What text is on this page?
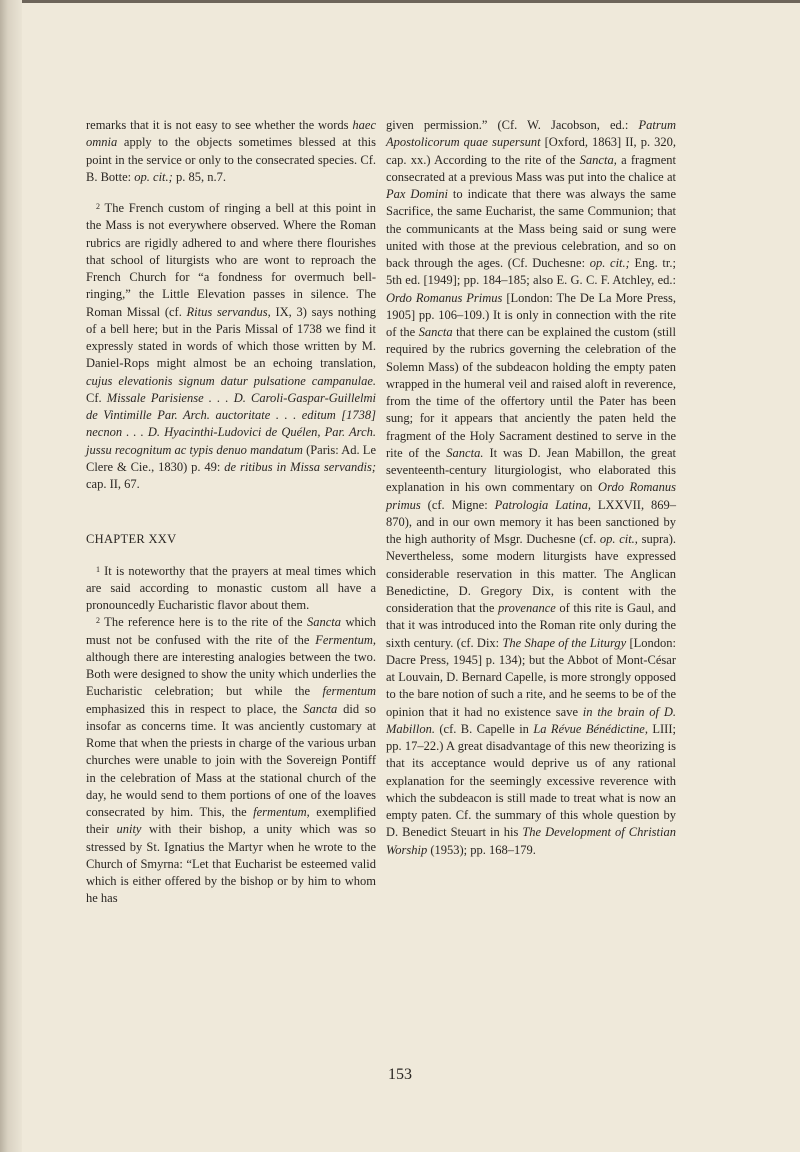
remarks that it is not easy to see whether the words haec omnia apply to the objects sometimes blessed at this point in the service or only to the consecrated species. Cf. B. Botte: op. cit.; p. 85, n.7.

$^2$ The French custom of ringing a bell at this point in the Mass is not everywhere observed. Where the Roman rubrics are rigidly adhered to and where there flourishes that school of liturgists who are wont to reproach the French Church for “a fondness for overmuch bell-ringing,” the Little Elevation passes in silence. The Roman Missal (cf. Ritus servandus, IX, 3) says nothing of a bell here; but in the Paris Missal of 1738 we find it expressly stated in words of which those written by M. Daniel-Rops might almost be an echoing translation, cujus elevationis signum datur pulsatione campanulae. Cf. Missale Parisiense . . . D. Caroli-Gaspar-Guillelmi de Vintimille Par. Arch. auctoritate . . . editum [1738] necnon . . . D. Hyacinthi-Ludovici de Quélen, Par. Arch. jussu recognitum ac typis denuo mandatum (Paris: Ad. Le Clere & Cie., 1830) p. 49: de ritibus in Missa servandis; cap. II, 67.

CHAPTER XXV

$^1$ It is noteworthy that the prayers at meal times which are said according to monastic custom all have a pronouncedly Eucharistic flavor about them.

$^2$ The reference here is to the rite of the Sancta which must not be confused with the rite of the Fermentum, although there are interesting analogies between the two. Both were designed to show the unity which underlies the Eucharistic celebration; but while the fermentum emphasized this in respect to place, the Sancta did so insofar as concerns time. It was anciently customary at Rome that when the priests in charge of the various urban churches were unable to join with the Sovereign Pontiff in the celebration of Mass at the stational church of the day, he would send to them portions of one of the loaves consecrated by him. This, the fermentum, exemplified their unity with their bishop, a unity which was so stressed by St. Ignatius the Martyr when he wrote to the Church of Smyrna: “Let that Eucharist be esteemed valid which is either offered by the bishop or by him to whom he has

given permission.” (Cf. W. Jacobson, ed.: Patrum Apostolicorum quae supersunt [Oxford, 1863] II, p. 320, cap. xx.) According to the rite of the Sancta, a fragment consecrated at a previous Mass was put into the chalice at Pax Domini to indicate that there was always the same Sacrifice, the same Eucharist, the same Communion; that the communicants at the Mass being said or sung were united with those at the previous celebration, and so on back through the ages. (Cf. Duchesne: op. cit.; Eng. tr.; 5th ed. [1949]; pp. 184–185; also E. G. C. F. Atchley, ed.: Ordo Romanus Primus [London: The De La More Press, 1905] pp. 106–109.) It is only in connection with the rite of the Sancta that there can be explained the custom (still required by the rubrics governing the celebration of the Solemn Mass) of the subdeacon holding the empty paten wrapped in the humeral veil and raised aloft in reverence, from the time of the offertory until the Pater has been sung; for it appears that anciently the paten held the fragment of the Holy Sacrament destined to serve in the rite of the Sancta. It was D. Jean Mabillon, the great seventeenth-century liturgiologist, who elaborated this explanation in his own commentary on Ordo Romanus primus (cf. Migne: Patrologia Latina, LXXVII, 869–870), and in our own memory it has been sanctioned by the high authority of Msgr. Duchesne (cf. op. cit., supra). Nevertheless, some modern liturgists have expressed considerable reservation in this matter. The Anglican Benedictine, D. Gregory Dix, is content with the consideration that the provenance of this rite is Gaul, and that it was introduced into the Roman rite only during the sixth century. (cf. Dix: The Shape of the Liturgy [London: Dacre Press, 1945] p. 134); but the Abbot of Mont-César at Louvain, D. Bernard Capelle, is more strongly opposed to the bare notion of such a rite, and he seems to be of the opinion that it had no existence save in the brain of D. Mabillon. (cf. B. Capelle in La Révue Bénédictine, LIII; pp. 17–22.) A great disadvantage of this new theorizing is that its acceptance would deprive us of any rational explanation for the seemingly excessive reverence with which the subdeacon is still made to treat what is now an empty paten. Cf. the summary of this whole question by D. Benedict Steuart in his The Development of Christian Worship (1953); pp. 168–179.

153
